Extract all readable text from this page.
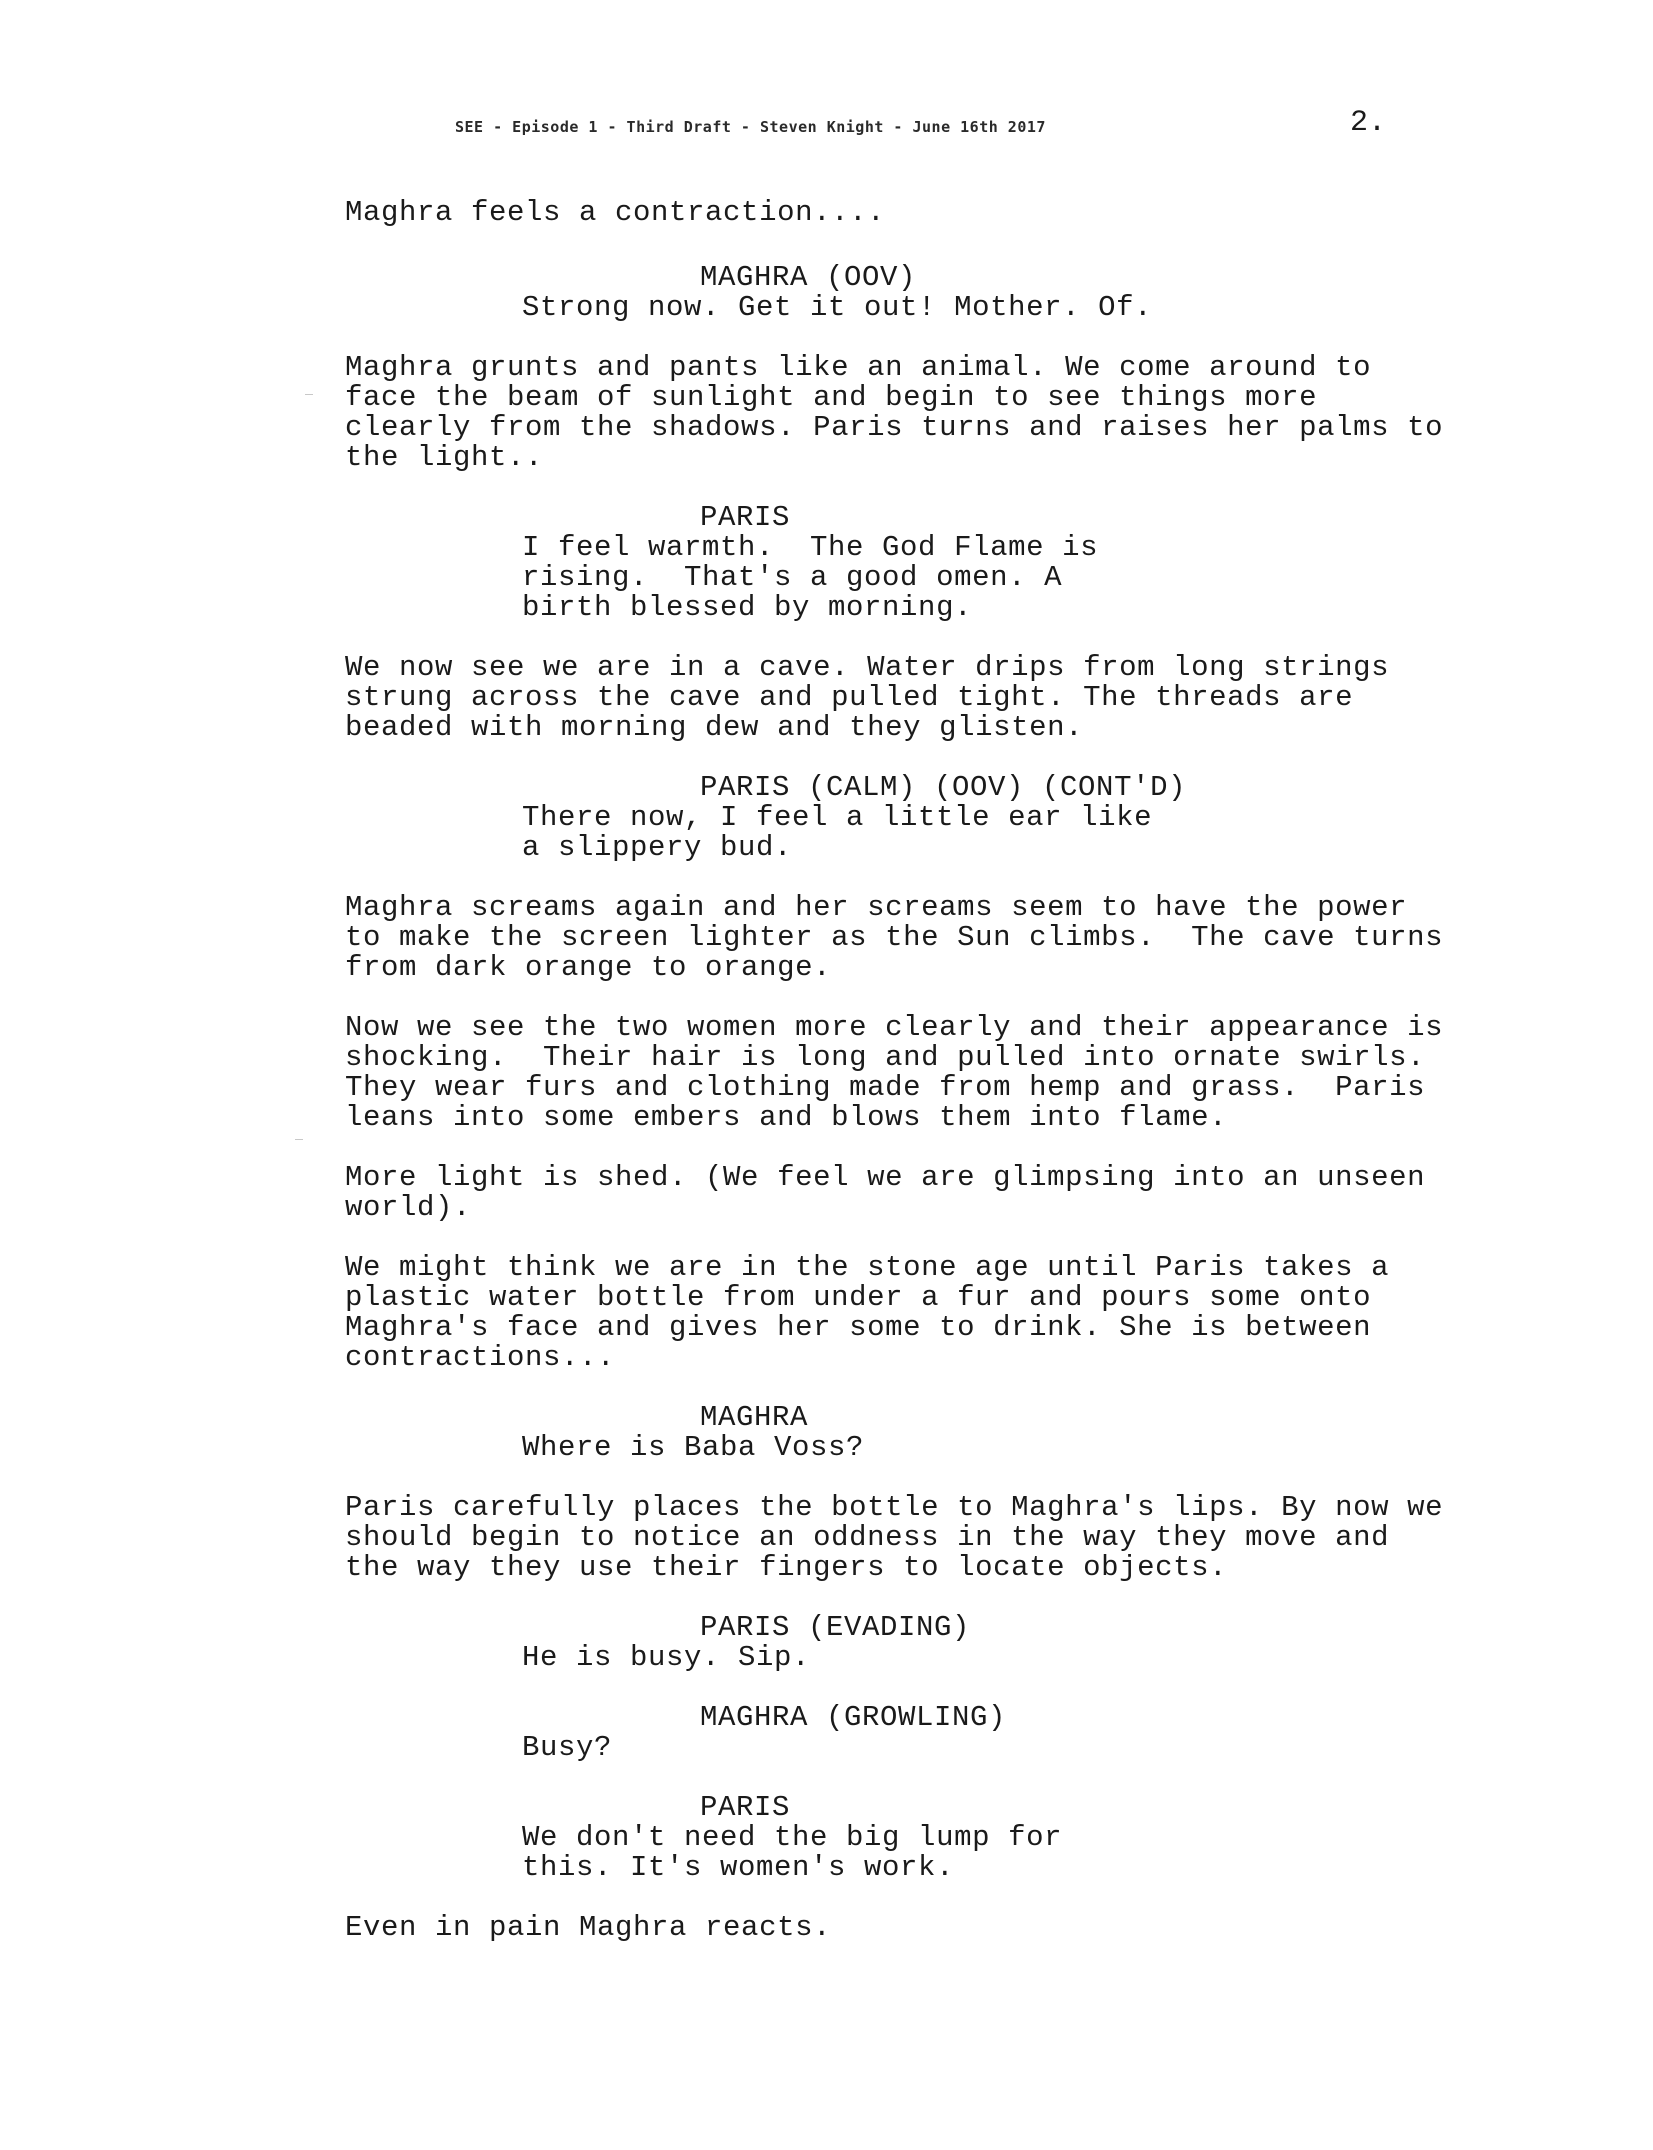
SEE - Episode 1 - Third Draft - Steven Knight - June 16th 2017	2.
Maghra feels a contraction....
MAGHRA (OOV)
Strong now. Get it out! Mother. Of.
Maghra grunts and pants like an animal. We come around to
face the beam of sunlight and begin to see things more
clearly from the shadows. Paris turns and raises her palms to
the light..
PARIS
I feel warmth.  The God Flame is
rising.  That's a good omen. A
birth blessed by morning.
We now see we are in a cave. Water drips from long strings
strung across the cave and pulled tight. The threads are
beaded with morning dew and they glisten.
PARIS (CALM) (OOV) (CONT'D)
There now, I feel a little ear like
a slippery bud.
Maghra screams again and her screams seem to have the power
to make the screen lighter as the Sun climbs.  The cave turns
from dark orange to orange.
Now we see the two women more clearly and their appearance is
shocking.  Their hair is long and pulled into ornate swirls.
They wear furs and clothing made from hemp and grass.  Paris
leans into some embers and blows them into flame.
More light is shed. (We feel we are glimpsing into an unseen
world).
We might think we are in the stone age until Paris takes a
plastic water bottle from under a fur and pours some onto
Maghra's face and gives her some to drink. She is between
contractions...
MAGHRA
Where is Baba Voss?
Paris carefully places the bottle to Maghra's lips. By now we
should begin to notice an oddness in the way they move and
the way they use their fingers to locate objects.
PARIS (EVADING)
He is busy. Sip.
MAGHRA (GROWLING)
Busy?
PARIS
We don't need the big lump for
this. It's women's work.
Even in pain Maghra reacts.
